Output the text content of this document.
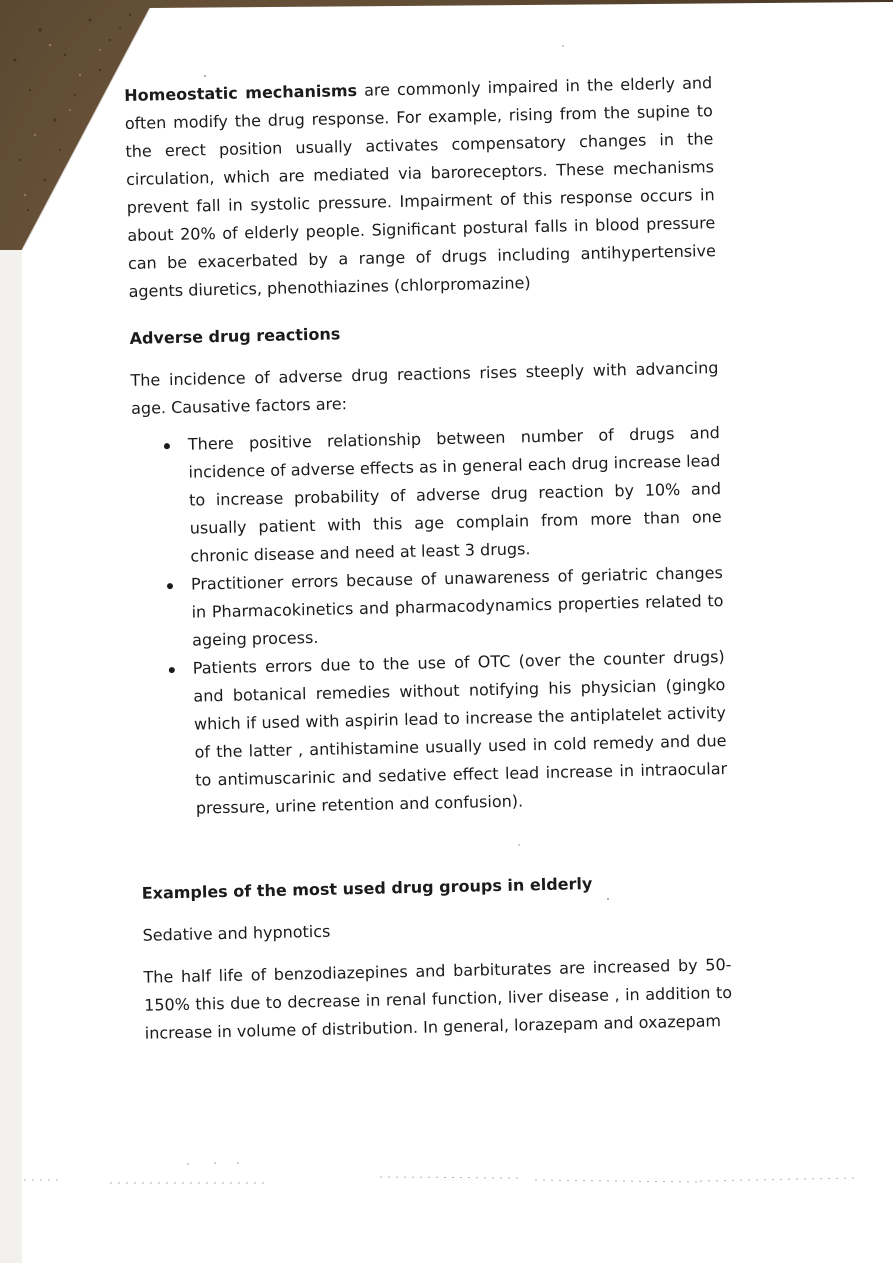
Homeostatic mechanisms are commonly impaired in the elderly and often modify the drug response. For example, rising from the supine to the erect position usually activates compensatory changes in the circulation, which are mediated via baroreceptors. These mechanisms prevent fall in systolic pressure. Impairment of this response occurs in about 20% of elderly people. Significant postural falls in blood pressure can be exacerbated by a range of drugs including antihypertensive agents diuretics, phenothiazines (chlorpromazine)

Adverse drug reactions

The incidence of adverse drug reactions rises steeply with advancing age. Causative factors are:

There positive relationship between number of drugs and incidence of adverse effects as in general each drug increase lead to increase probability of adverse drug reaction by 10% and usually patient with this age complain from more than one chronic disease and need at least 3 drugs.
Practitioner errors because of unawareness of geriatric changes in Pharmacokinetics and pharmacodynamics properties related to ageing process.
Patients errors due to the use of OTC (over the counter drugs) and botanical remedies without notifying his physician (gingko which if used with aspirin lead to increase the antiplatelet activity of the latter , antihistamine usually used in cold remedy and due to antimuscarinic and sedative effect lead increase in intraocular pressure, urine retention and confusion).

Examples of the most used drug groups in elderly

Sedative and hypnotics

The half life of benzodiazepines and barbiturates are increased by 50-150% this due to decrease in renal function, liver disease , in addition to increase in volume of distribution. In general, lorazepam and oxazepam
